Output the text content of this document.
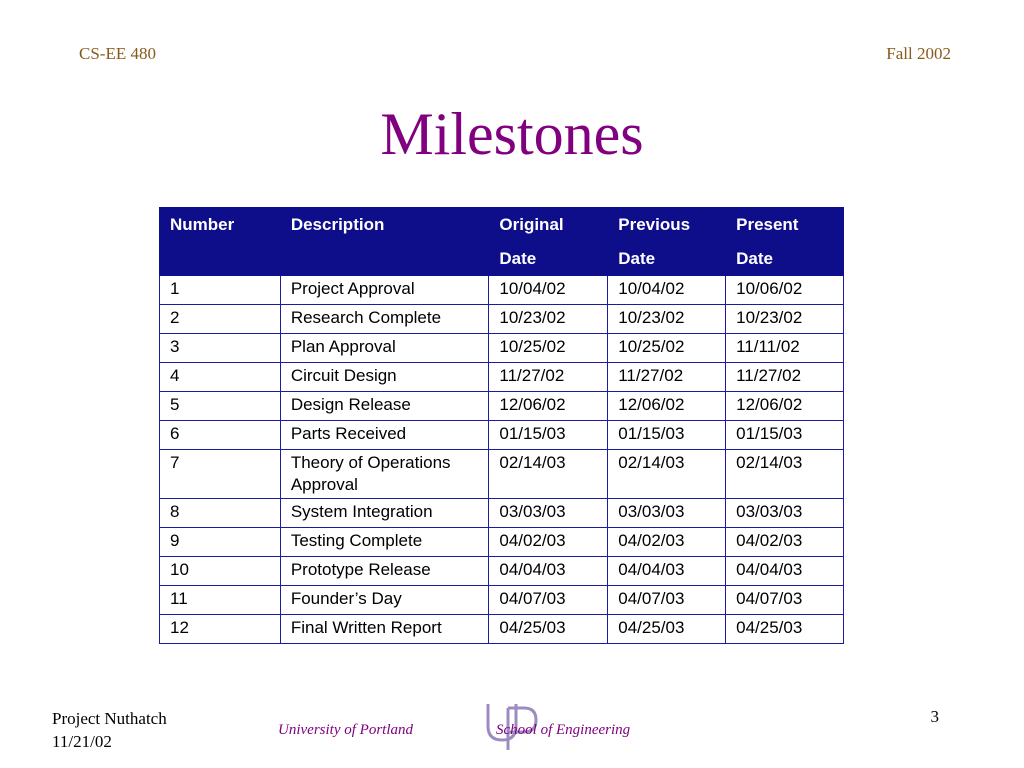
CS-EE 480	Fall 2002
Milestones
Number	Description	Original	Previous	Present
		Date	Date	Date
1	Project Approval	10/04/02	10/04/02	10/06/02
2	Research Complete	10/23/02	10/23/02	10/23/02
3	Plan Approval	10/25/02	10/25/02	11/11/02
4	Circuit Design	11/27/02	11/27/02	11/27/02
5	Design Release	12/06/02	12/06/02	12/06/02
6	Parts Received	01/15/03	01/15/03	01/15/03
7	Theory of Operations Approval	02/14/03	02/14/03	02/14/03
8	System Integration	03/03/03	03/03/03	03/03/03
9	Testing Complete	04/02/03	04/02/03	04/02/03
10	Prototype Release	04/04/03	04/04/03	04/04/03
11	Founder’s Day	04/07/03	04/07/03	04/07/03
12	Final Written Report	04/25/03	04/25/03	04/25/03
Project Nuthatch
11/21/02
University of Portland	School of Engineering
3
